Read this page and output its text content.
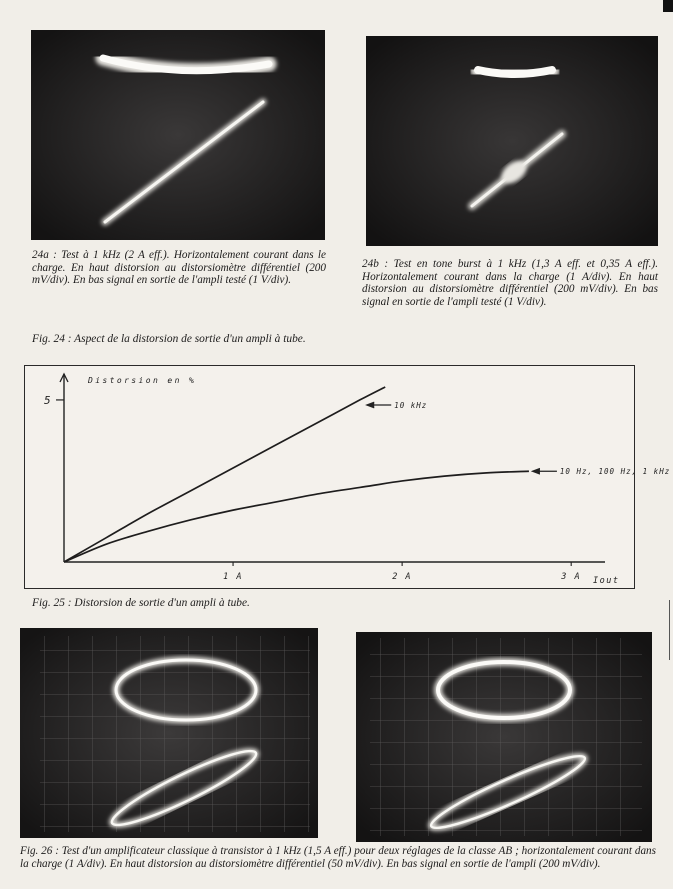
24a : Test à 1 kHz (2 A eff.). Horizontalement courant dans le charge. En haut distorsion au distorsiomètre différentiel (200 mV/div). En bas signal en sortie de l'ampli testé (1 V/div).

24b : Test en tone burst à 1 kHz (1,3 A eff. et 0,35 A eff.). Horizontalement courant dans la charge (1 A/div). En haut distorsion au distorsiomètre différentiel (200 mV/div). En bas signal en sortie de l'ampli testé (1 V/div).

Fig. 24 : Aspect de la distorsion de sortie d'un ampli à tube.

Distorsion en %
Iout
5
1 A	2 A	3 A
10 kHz
10 Hz, 100 Hz, 1 kHz

Fig. 25 : Distorsion de sortie d'un ampli à tube.

Fig. 26 : Test d'un amplificateur classique à transistor à 1 kHz (1,5 A eff.) pour deux réglages de la classe AB ; horizontalement courant dans la charge (1 A/div). En haut distorsion au distorsiomètre différentiel (50 mV/div). En bas signal en sortie de l'ampli (200 mV/div).
